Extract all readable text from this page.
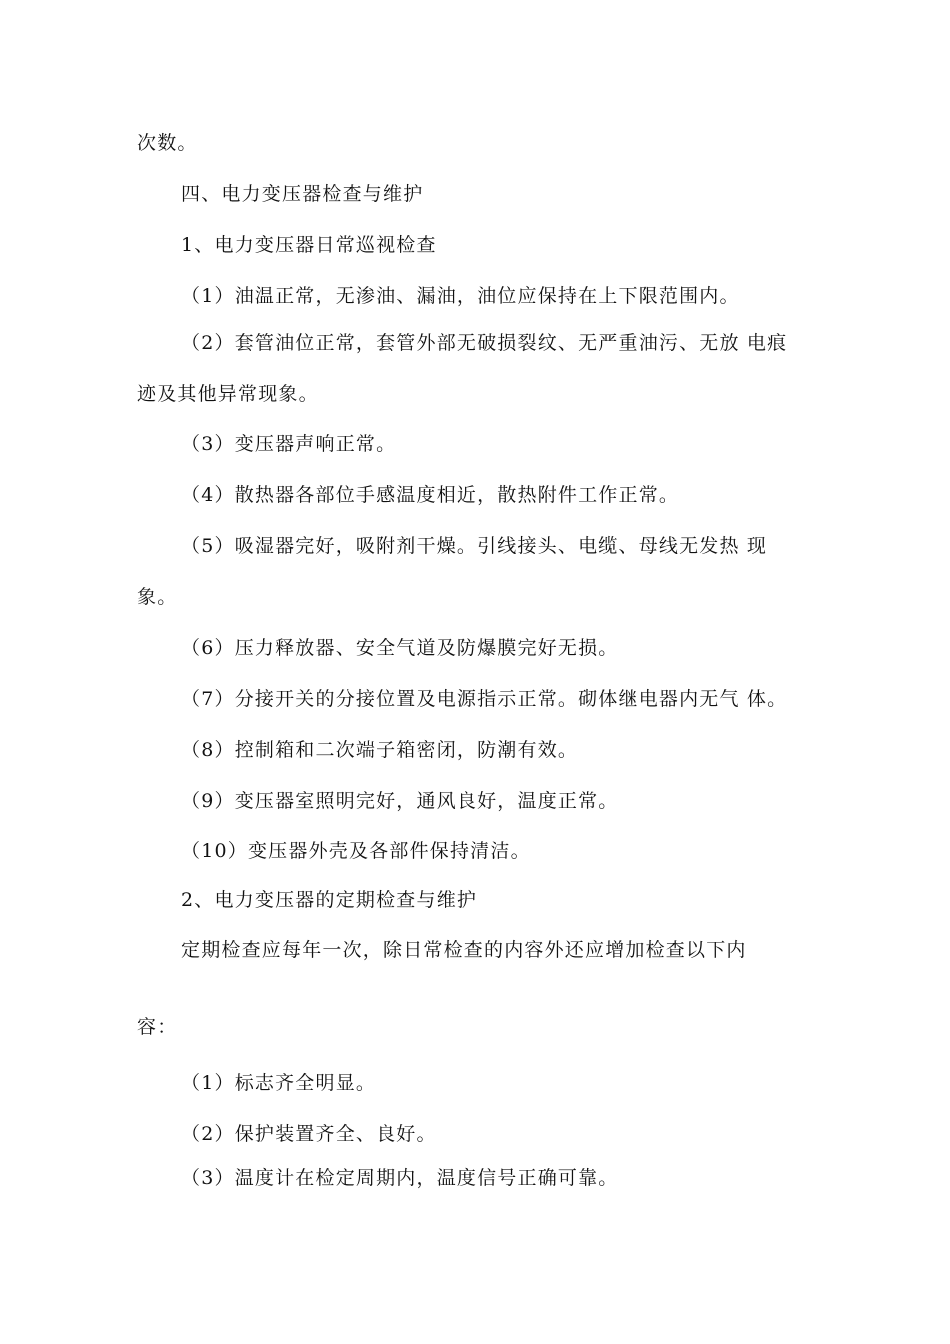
次数。
四、电力变压器检查与维护
1、电力变压器日常巡视检查
（1）油温正常，无渗油、漏油，油位应保持在上下限范围内。
（2）套管油位正常，套管外部无破损裂纹、无严重油污、无放 电痕
迹及其他异常现象。
（3）变压器声响正常。
（4）散热器各部位手感温度相近，散热附件工作正常。
（5）吸湿器完好，吸附剂干燥。引线接头、电缆、母线无发热 现
象。
（6）压力释放器、安全气道及防爆膜完好无损。
（7）分接开关的分接位置及电源指示正常。砌体继电器内无气 体。
（8）控制箱和二次端子箱密闭，防潮有效。
（9）变压器室照明完好，通风良好，温度正常。
（10）变压器外壳及各部件保持清洁。
2、电力变压器的定期检查与维护
定期检查应每年一次，除日常检查的内容外还应增加检查以下内
容：
（1）标志齐全明显。
（2）保护装置齐全、良好。
（3）温度计在检定周期内，温度信号正确可靠。
